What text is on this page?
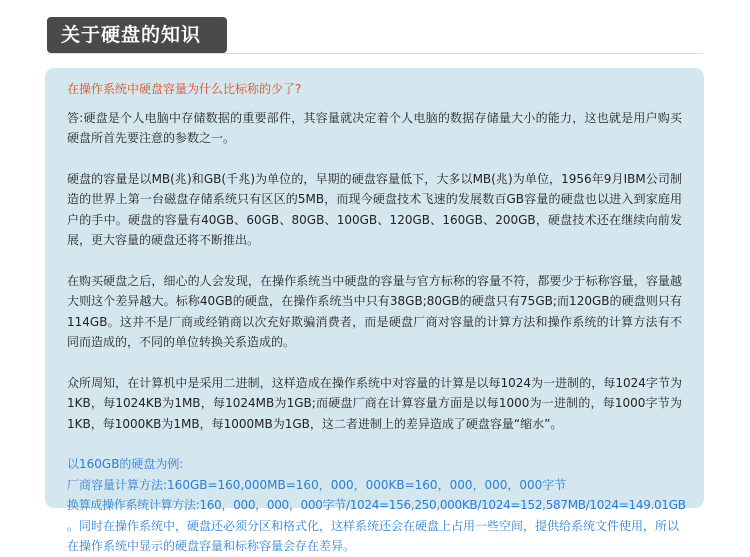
关于硬盘的知识
在操作系统中硬盘容量为什么比标称的少了?
答:硬盘是个人电脑中存储数据的重要部件，其容量就决定着个人电脑的数据存储量大小的能力，这也就是用户购买硬盘所首先要注意的参数之一。
硬盘的容量是以MB(兆)和GB(千兆)为单位的，早期的硬盘容量低下，大多以MB(兆)为单位，1956年9月IBM公司制造的世界上第一台磁盘存储系统只有区区的5MB，而现今硬盘技术飞速的发展数百GB容量的硬盘也以进入到家庭用户的手中。硬盘的容量有40GB、60GB、80GB、100GB、120GB、160GB、200GB，硬盘技术还在继续向前发展，更大容量的硬盘还将不断推出。
在购买硬盘之后，细心的人会发现，在操作系统当中硬盘的容量与官方标称的容量不符，都要少于标称容量，容量越大则这个差异越大。标称40GB的硬盘，在操作系统当中只有38GB;80GB的硬盘只有75GB;而120GB的硬盘则只有114GB。这并不是厂商或经销商以次充好欺骗消费者，而是硬盘厂商对容量的计算方法和操作系统的计算方法有不同而造成的，不同的单位转换关系造成的。
众所周知，在计算机中是采用二进制，这样造成在操作系统中对容量的计算是以每1024为一进制的，每1024字节为1KB，每1024KB为1MB，每1024MB为1GB;而硬盘厂商在计算容量方面是以每1000为一进制的，每1000字节为1KB，每1000KB为1MB，每1000MB为1GB，这二者进制上的差异造成了硬盘容量“缩水”。
以160GB的硬盘为例:
厂商容量计算方法:160GB=160,000MB=160，000，000KB=160，000，000，000字节
换算成操作系统计算方法:160，000，000，000字节/1024=156,250,000KB/1024=152,587MB/1024=149.01GB
。同时在操作系统中，硬盘还必须分区和格式化，这样系统还会在硬盘上占用一些空间，提供给系统文件使用，所以在操作系统中显示的硬盘容量和标称容量会存在差异。
